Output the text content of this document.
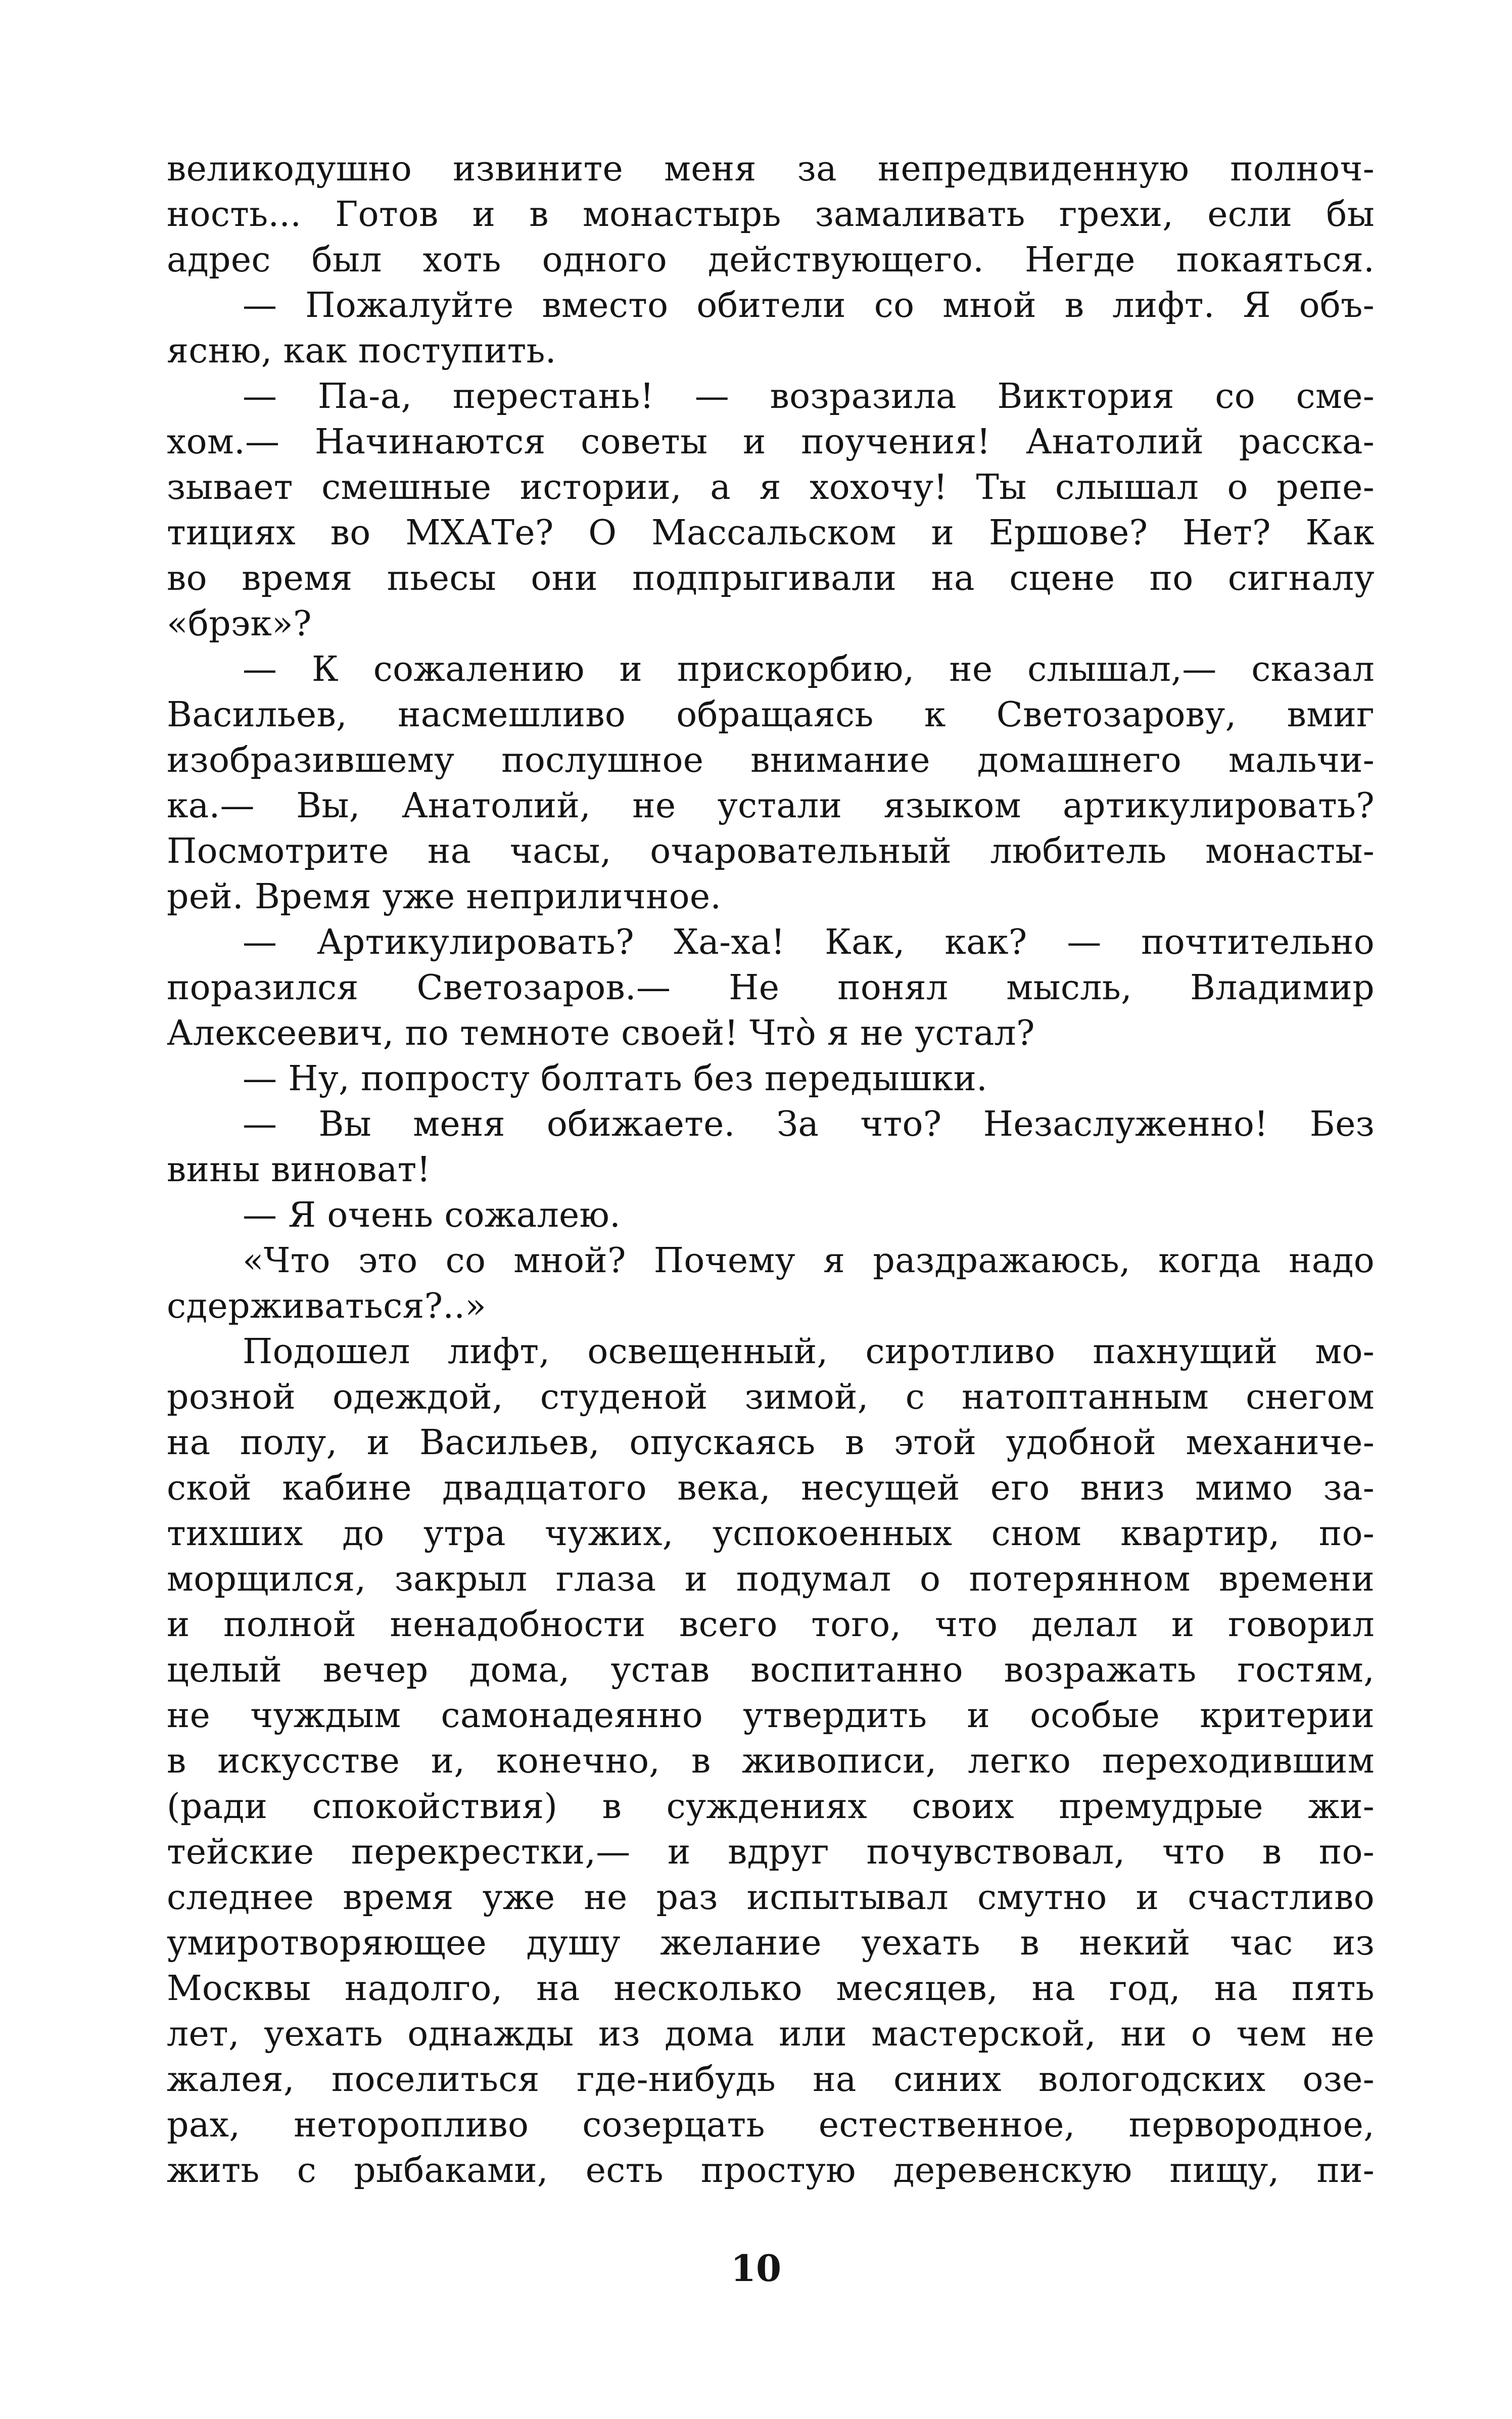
великодушно извините меня за непредвиденную полноч-
ность... Готов и в монастырь замаливать грехи, если бы
адрес был хоть одного действующего. Негде покаяться.
— Пожалуйте вместо обители со мной в лифт. Я объ-
ясню, как поступить.
— Па-а, перестань! — возразила Виктория со сме-
хом.— Начинаются советы и поучения! Анатолий расска-
зывает смешные истории, а я хохочу! Ты слышал о репе-
тициях во МХАТе? О Массальском и Ершове? Нет? Как
во время пьесы они подпрыгивали на сцене по сигналу
«брэк»?
— К сожалению и прискорбию, не слышал,— сказал
Васильев, насмешливо обращаясь к Светозарову, вмиг
изобразившему послушное внимание домашнего мальчи-
ка.— Вы, Анатолий, не устали языком артикулировать?
Посмотрите на часы, очаровательный любитель монасты-
рей. Время уже неприличное.
— Артикулировать? Ха-ха! Как, как? — почтительно
поразился Светозаров.— Не понял мысль, Владимир
Алексеевич, по темноте своей! Что̀ я не устал?
— Ну, попросту болтать без передышки.
— Вы меня обижаете. За что? Незаслуженно! Без
вины виноват!
— Я очень сожалею.
«Что это со мной? Почему я раздражаюсь, когда надо
сдерживаться?..»
Подошел лифт, освещенный, сиротливо пахнущий мо-
розной одеждой, студеной зимой, с натоптанным снегом
на полу, и Васильев, опускаясь в этой удобной механиче-
ской кабине двадцатого века, несущей его вниз мимо за-
тихших до утра чужих, успокоенных сном квартир, по-
морщился, закрыл глаза и подумал о потерянном времени
и полной ненадобности всего того, что делал и говорил
целый вечер дома, устав воспитанно возражать гостям,
не чуждым самонадеянно утвердить и особые критерии
в искусстве и, конечно, в живописи, легко переходившим
(ради спокойствия) в суждениях своих премудрые жи-
тейские перекрестки,— и вдруг почувствовал, что в по-
следнее время уже не раз испытывал смутно и счастливо
умиротворяющее душу желание уехать в некий час из
Москвы надолго, на несколько месяцев, на год, на пять
лет, уехать однажды из дома или мастерской, ни о чем не
жалея, поселиться где-нибудь на синих вологодских озе-
рах, неторопливо созерцать естественное, первородное,
жить с рыбаками, есть простую деревенскую пищу, пи-
10
